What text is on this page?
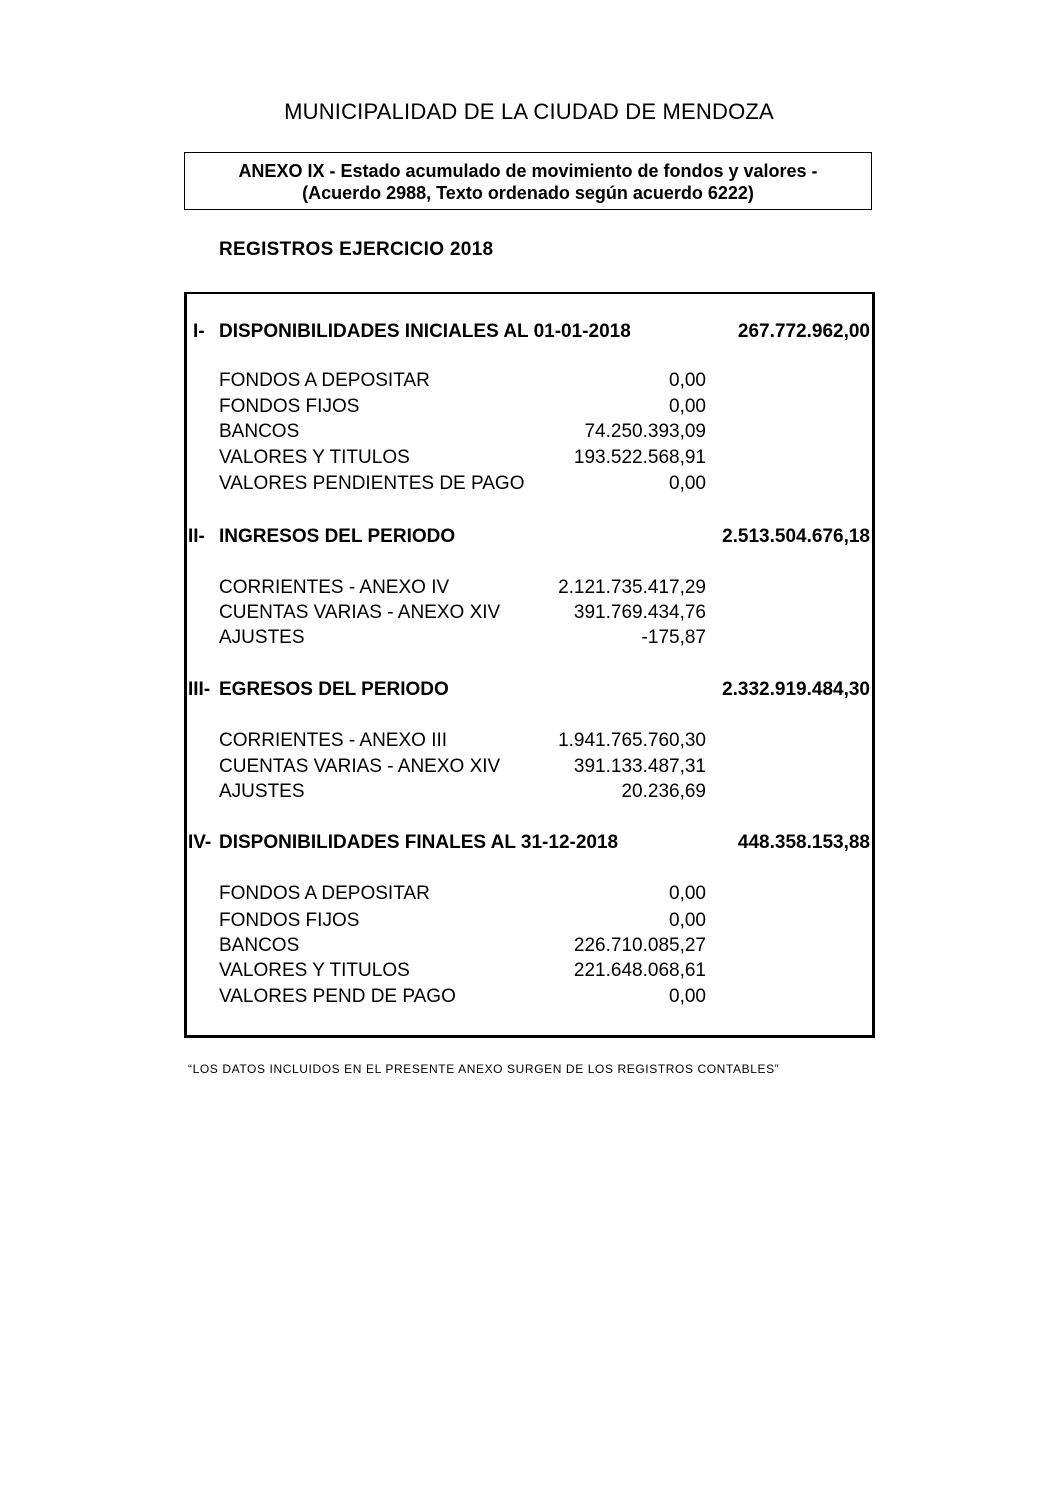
MUNICIPALIDAD DE LA CIUDAD DE MENDOZA
ANEXO IX - Estado acumulado de movimiento de fondos y valores -
(Acuerdo 2988, Texto ordenado según acuerdo 6222)
REGISTROS EJERCICIO 2018
I- DISPONIBILIDADES INICIALES AL 01-01-2018	267.772.962,00
FONDOS A DEPOSITAR	0,00
FONDOS FIJOS	0,00
BANCOS	74.250.393,09
VALORES Y TITULOS	193.522.568,91
VALORES PENDIENTES DE PAGO	0,00
II- INGRESOS DEL PERIODO	2.513.504.676,18
CORRIENTES - ANEXO IV	2.121.735.417,29
CUENTAS VARIAS - ANEXO XIV	391.769.434,76
AJUSTES	-175,87
III- EGRESOS DEL PERIODO	2.332.919.484,30
CORRIENTES - ANEXO III	1.941.765.760,30
CUENTAS VARIAS - ANEXO XIV	391.133.487,31
AJUSTES	20.236,69
IV- DISPONIBILIDADES FINALES AL 31-12-2018	448.358.153,88
FONDOS A DEPOSITAR	0,00
FONDOS FIJOS	0,00
BANCOS	226.710.085,27
VALORES Y TITULOS	221.648.068,61
VALORES PEND DE PAGO	0,00
“LOS DATOS INCLUIDOS EN EL PRESENTE ANEXO SURGEN DE LOS REGISTROS CONTABLES”
